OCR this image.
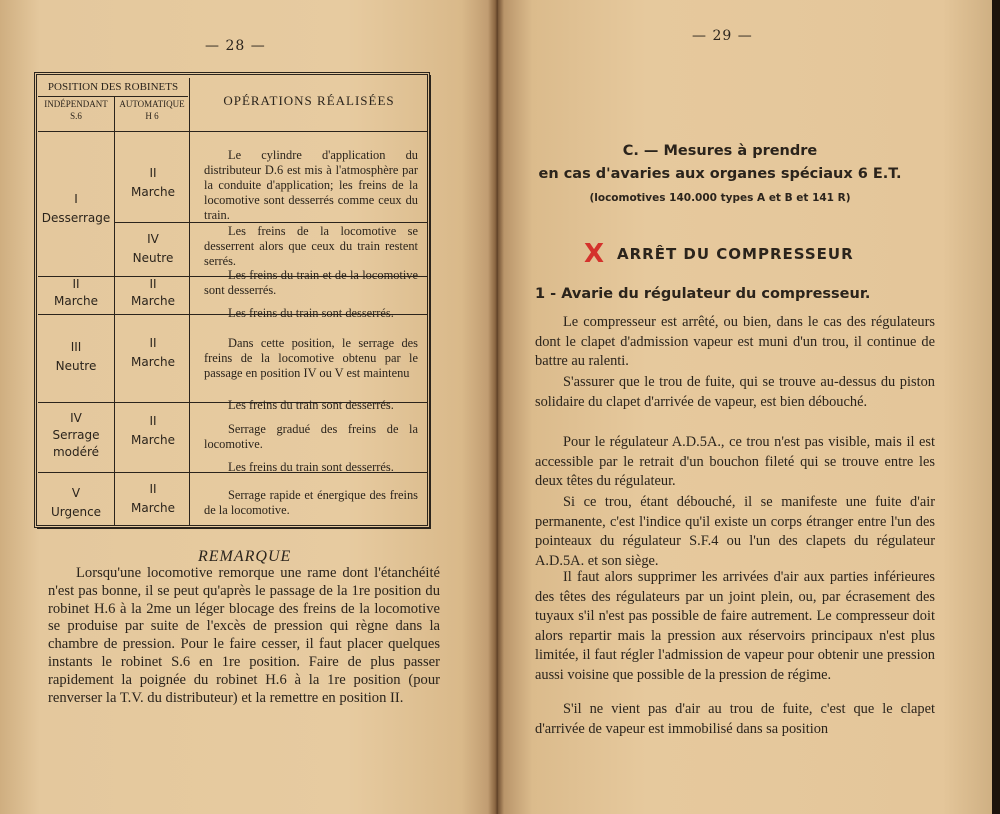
— 28 —
POSITION DES ROBINETS
INDÉPENDANT
S.6
AUTOMATIQUE
H 6
OPÉRATIONS RÉALISÉES
I
Desserrage
II
Marche
IV
Neutre
Le cylindre d'application du distributeur D.6 est mis à l'atmosphère par la conduite d'application; les freins de la locomotive sont desserrés comme ceux du train.
Les freins de la locomotive se desserrent alors que ceux du train restent serrés.
II
Marche
II
Marche
Les freins du train et de la locomotive sont desserrés.
III
Neutre
II
Marche
Les freins du train sont desserrés.
Dans cette position, le serrage des freins de la locomotive obtenu par le passage en position IV ou V est maintenu
IV
Serrage
modéré
II
Marche
Les freins du train sont desserrés.
Serrage gradué des freins de la locomotive.
V
Urgence
II
Marche
Les freins du train sont desserrés.
Serrage rapide et énergique des freins de la locomotive.
REMARQUE
Lorsqu'une locomotive remorque une rame dont l'étanchéité n'est pas bonne, il se peut qu'après le passage de la 1re position du robinet H.6 à la 2me un léger blocage des freins de la locomotive se produise par suite de l'excès de pression qui règne dans la chambre de pression. Pour le faire cesser, il faut placer quelques instants le robinet S.6 en 1re position. Faire de plus passer rapidement la poignée du robinet H.6 à la 1re position (pour renverser la T.V. du distributeur) et la remettre en position II.
— 29 —
C. — Mesures à prendre
en cas d'avaries aux organes spéciaux 6 E.T.
(locomotives 140.000 types A et B et 141 R)
X ARRÊT DU COMPRESSEUR
1 - Avarie du régulateur du compresseur.
Le compresseur est arrêté, ou bien, dans le cas des régulateurs dont le clapet d'admission vapeur est muni d'un trou, il continue de battre au ralenti.
S'assurer que le trou de fuite, qui se trouve au-dessus du piston solidaire du clapet d'arrivée de vapeur, est bien débouché.
Pour le régulateur A.D.5A., ce trou n'est pas visible, mais il est accessible par le retrait d'un bouchon fileté qui se trouve entre les deux têtes du régulateur.
Si ce trou, étant débouché, il se manifeste une fuite d'air permanente, c'est l'indice qu'il existe un corps étranger entre l'un des pointeaux du régulateur S.F.4 ou l'un des clapets du régulateur A.D.5A. et son siège.
Il faut alors supprimer les arrivées d'air aux parties inférieures des têtes des régulateurs par un joint plein, ou, par écrasement des tuyaux s'il n'est pas possible de faire autrement. Le compresseur doit alors repartir mais la pression aux réservoirs principaux n'est plus limitée, il faut régler l'admission de vapeur pour obtenir une pression aussi voisine que possible de la pression de régime.
S'il ne vient pas d'air au trou de fuite, c'est que le clapet d'arrivée de vapeur est immobilisé dans sa position
